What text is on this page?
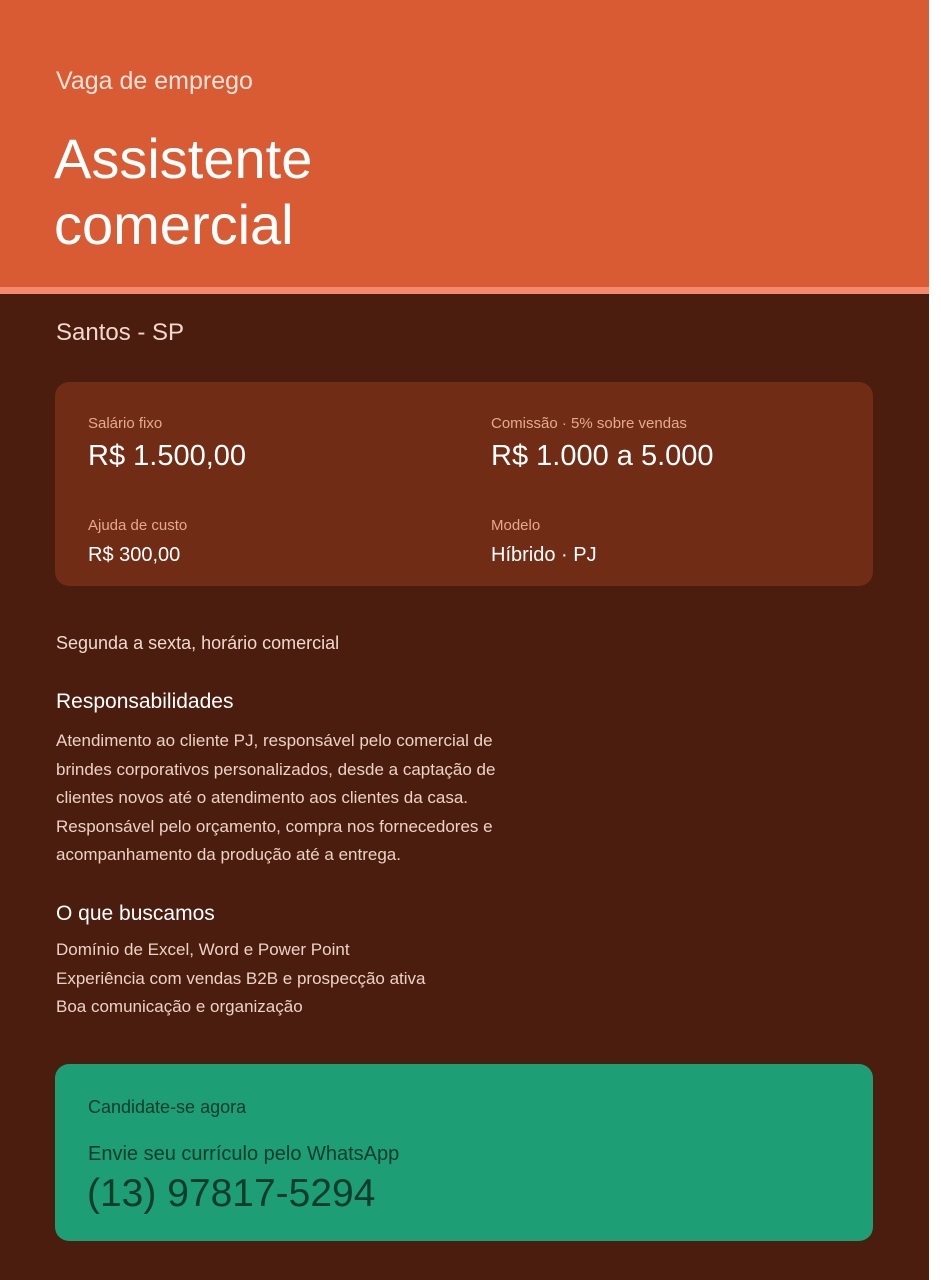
Vaga de emprego
Assistente
comercial
Santos - SP
Salário fixo
R$ 1.500,00
Comissão · 5% sobre vendas
R$ 1.000 a 5.000
Ajuda de custo
R$ 300,00
Modelo
Híbrido · PJ
Segunda a sexta, horário comercial
Responsabilidades

Atendimento ao cliente PJ, responsável pelo comercial de
brindes corporativos personalizados, desde a captação de
clientes novos até o atendimento aos clientes da casa.
Responsável pelo orçamento, compra nos fornecedores e
acompanhamento da produção até a entrega.

O que buscamos
Domínio de Excel, Word e Power Point
Experiência com vendas B2B e prospecção ativa
Boa comunicação e organização
Candidate-se agora
Envie seu currículo pelo WhatsApp
(13) 97817-5294
